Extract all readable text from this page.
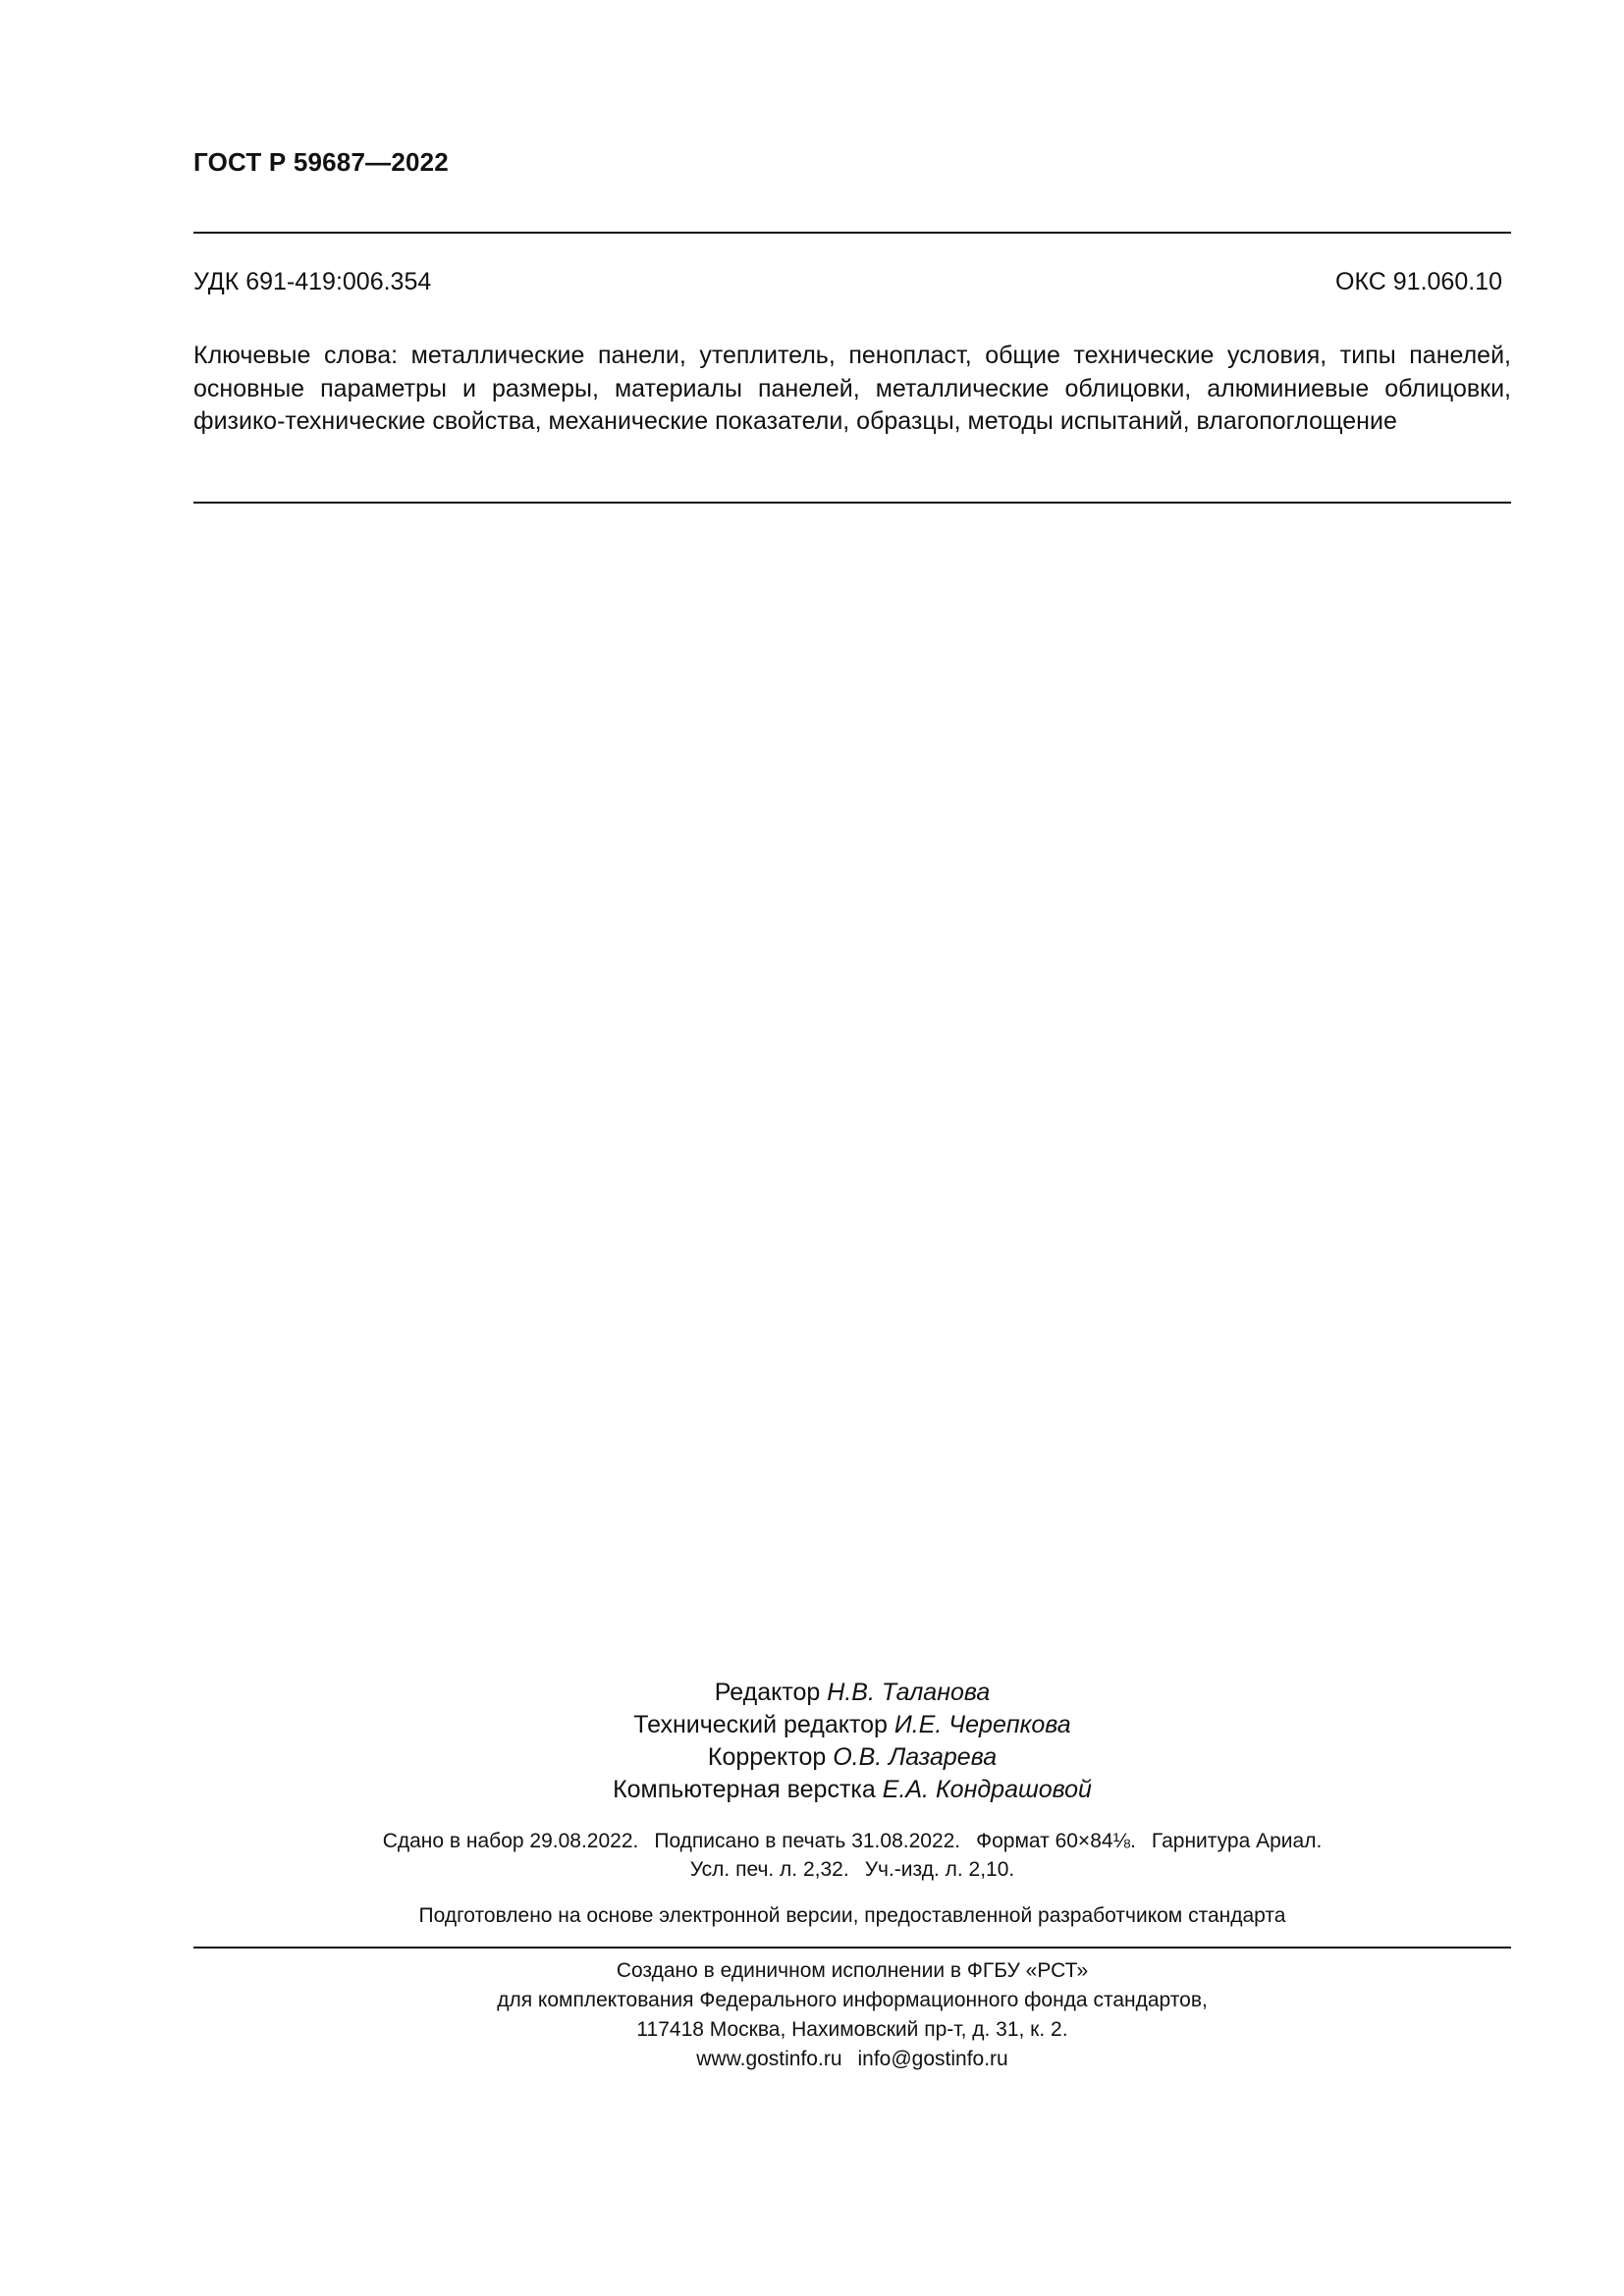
ГОСТ Р 59687—2022
УДК 691-419:006.354	ОКС 91.060.10

Ключевые слова: металлические панели, утеплитель, пенопласт, общие технические условия, типы панелей, основные параметры и размеры, материалы панелей, металлические облицовки, алюминиевые облицовки, физико-технические свойства, механические показатели, образцы, методы испытаний, влагопоглощение

Редактор Н.В. Таланова
Технический редактор И.Е. Черепкова
Корректор О.В. Лазарева
Компьютерная верстка Е.А. Кондрашовой
Сдано в набор 29.08.2022. Подписано в печать 31.08.2022. Формат 60×84⅛. Гарнитура Ариал.
Усл. печ. л. 2,32. Уч.-изд. л. 2,10.
Подготовлено на основе электронной версии, предоставленной разработчиком стандарта
Создано в единичном исполнении в ФГБУ «РСТ»
для комплектования Федерального информационного фонда стандартов,
117418 Москва, Нахимовский пр-т, д. 31, к. 2.
www.gostinfo.ru info@gostinfo.ru
